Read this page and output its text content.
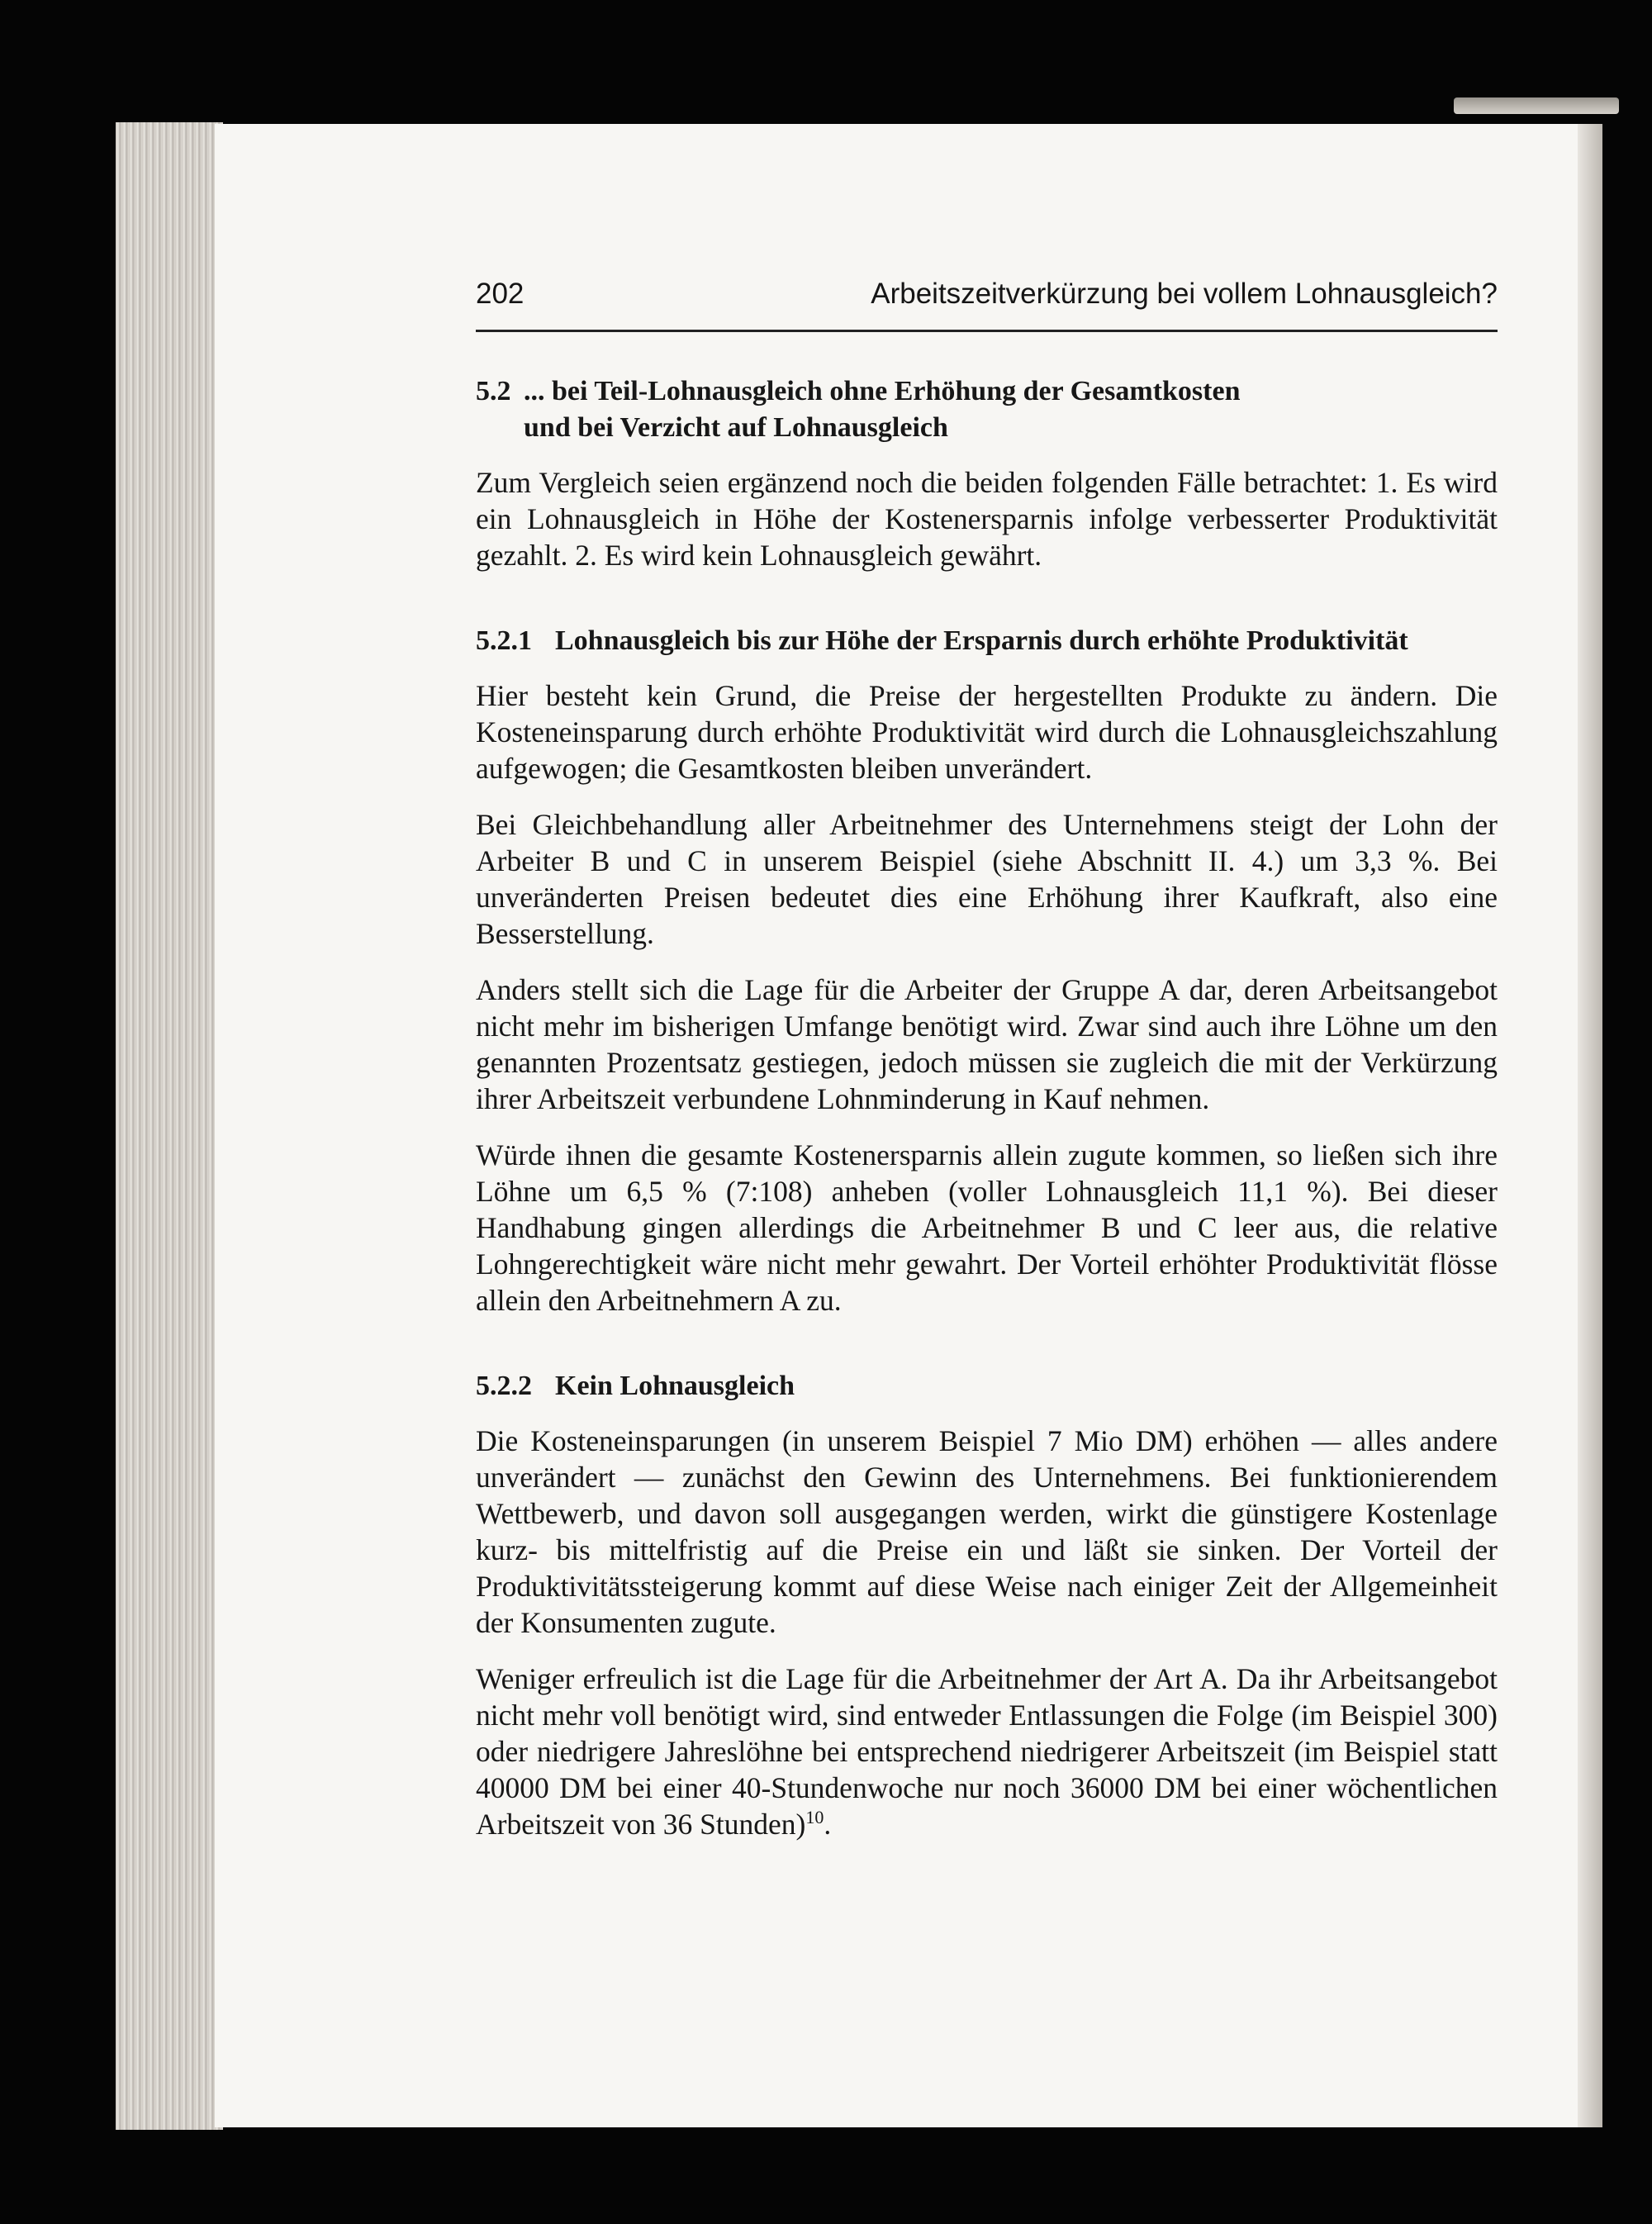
202	Arbeitszeitverkürzung bei vollem Lohnausgleich?
5.2 ... bei Teil-Lohnausgleich ohne Erhöhung der Gesamtkosten
und bei Verzicht auf Lohnausgleich

Zum Vergleich seien ergänzend noch die beiden folgenden Fälle betrachtet: 1. Es wird ein Lohnausgleich in Höhe der Kostenersparnis infolge verbesserter Produktivität gezahlt. 2. Es wird kein Lohnausgleich gewährt.

5.2.1 Lohnausgleich bis zur Höhe der Ersparnis durch erhöhte Produktivität

Hier besteht kein Grund, die Preise der hergestellten Produkte zu ändern. Die Kosteneinsparung durch erhöhte Produktivität wird durch die Lohnausgleichszahlung aufgewogen; die Gesamtkosten bleiben unverändert.

Bei Gleichbehandlung aller Arbeitnehmer des Unternehmens steigt der Lohn der Arbeiter B und C in unserem Beispiel (siehe Abschnitt II. 4.) um 3,3 %. Bei unveränderten Preisen bedeutet dies eine Erhöhung ihrer Kaufkraft, also eine Besserstellung.

Anders stellt sich die Lage für die Arbeiter der Gruppe A dar, deren Arbeitsangebot nicht mehr im bisherigen Umfange benötigt wird. Zwar sind auch ihre Löhne um den genannten Prozentsatz gestiegen, jedoch müssen sie zugleich die mit der Verkürzung ihrer Arbeitszeit verbundene Lohnminderung in Kauf nehmen.

Würde ihnen die gesamte Kostenersparnis allein zugute kommen, so ließen sich ihre Löhne um 6,5 % (7:108) anheben (voller Lohnausgleich 11,1 %). Bei dieser Handhabung gingen allerdings die Arbeitnehmer B und C leer aus, die relative Lohngerechtigkeit wäre nicht mehr gewahrt. Der Vorteil erhöhter Produktivität flösse allein den Arbeitnehmern A zu.

5.2.2 Kein Lohnausgleich

Die Kosteneinsparungen (in unserem Beispiel 7 Mio DM) erhöhen — alles andere unverändert — zunächst den Gewinn des Unternehmens. Bei funktionierendem Wettbewerb, und davon soll ausgegangen werden, wirkt die günstigere Kostenlage kurz- bis mittelfristig auf die Preise ein und läßt sie sinken. Der Vorteil der Produktivitätssteigerung kommt auf diese Weise nach einiger Zeit der Allgemeinheit der Konsumenten zugute.

Weniger erfreulich ist die Lage für die Arbeitnehmer der Art A. Da ihr Arbeitsangebot nicht mehr voll benötigt wird, sind entweder Entlassungen die Folge (im Beispiel 300) oder niedrigere Jahreslöhne bei entsprechend niedrigerer Arbeitszeit (im Beispiel statt 40000 DM bei einer 40-Stundenwoche nur noch 36000 DM bei einer wöchentlichen Arbeitszeit von 36 Stunden)$^{10}$.
